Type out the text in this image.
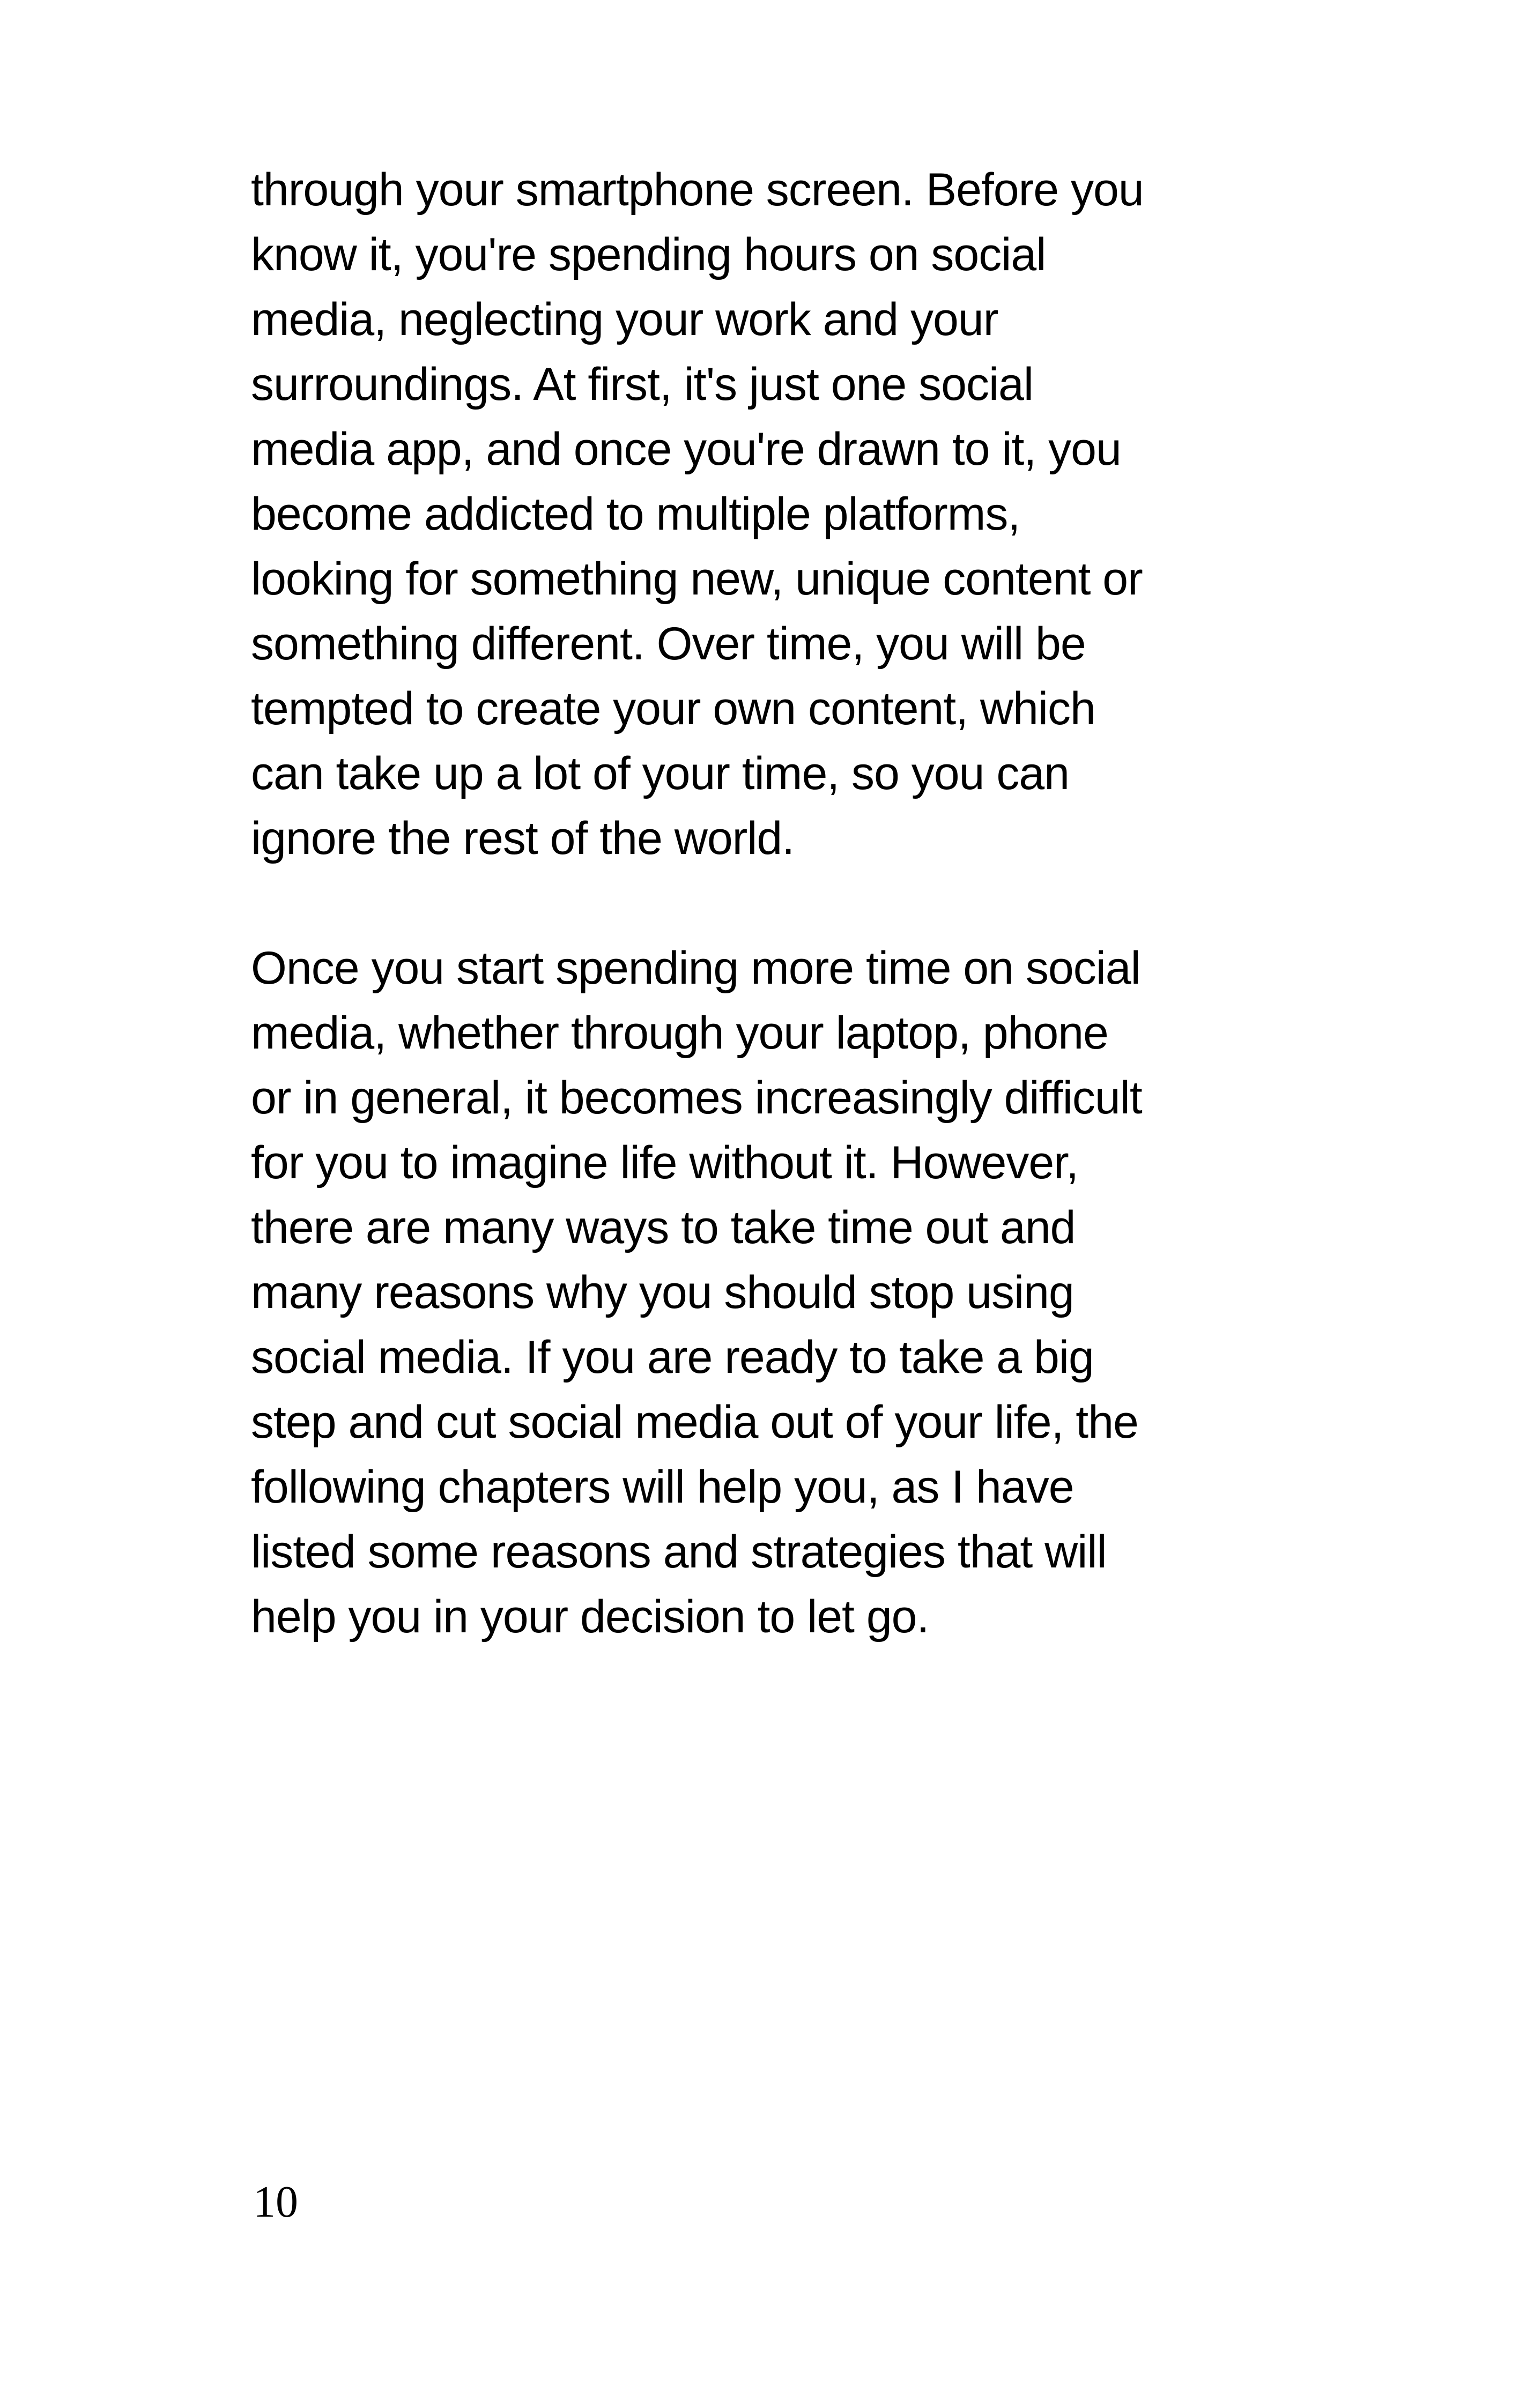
through your smartphone screen. Before you
know it, you're spending hours on social
media, neglecting your work and your
surroundings. At first, it's just one social
media app, and once you're drawn to it, you
become addicted to multiple platforms,
looking for something new, unique content or
something different. Over time, you will be
tempted to create your own content, which
can take up a lot of your time, so you can
ignore the rest of the world.

Once you start spending more time on social
media, whether through your laptop, phone
or in general, it becomes increasingly difficult
for you to imagine life without it. However,
there are many ways to take time out and
many reasons why you should stop using
social media. If you are ready to take a big
step and cut social media out of your life, the
following chapters will help you, as I have
listed some reasons and strategies that will
help you in your decision to let go.

10
